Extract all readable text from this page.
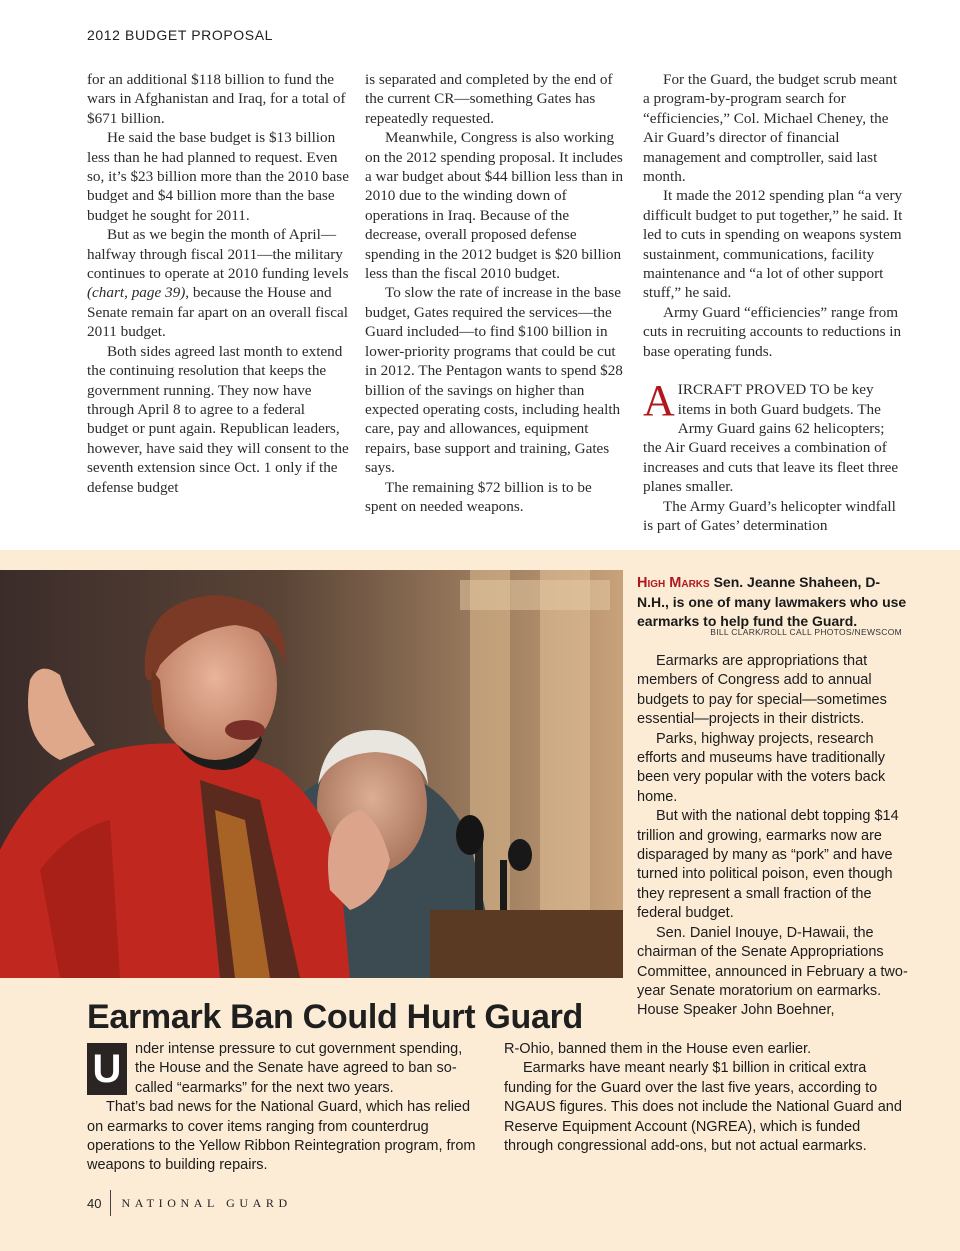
2012 BUDGET PROPOSAL

for an additional $118 billion to fund the wars in Afghanistan and Iraq, for a total of $671 billion.

He said the base budget is $13 billion less than he had planned to request. Even so, it’s $23 billion more than the 2010 base budget and $4 billion more than the base budget he sought for 2011.

But as we begin the month of April—halfway through fiscal 2011—the military continues to operate at 2010 funding levels (chart, page 39), because the House and Senate remain far apart on an overall fiscal 2011 budget.

Both sides agreed last month to extend the continuing resolution that keeps the government running. They now have through April 8 to agree to a federal budget or punt again. Republican leaders, however, have said they will consent to the seventh extension since Oct. 1 only if the defense budget

is separated and completed by the end of the current CR—something Gates has repeatedly requested.

Meanwhile, Congress is also working on the 2012 spending proposal. It includes a war budget about $44 billion less than in 2010 due to the winding down of operations in Iraq. Because of the decrease, overall proposed defense spending in the 2012 budget is $20 billion less than the fiscal 2010 budget.

To slow the rate of increase in the base budget, Gates required the services—the Guard included—to find $100 billion in lower-priority programs that could be cut in 2012. The Pentagon wants to spend $28 billion of the savings on higher than expected operating costs, including health care, pay and allowances, equipment repairs, base support and training, Gates says.

The remaining $72 billion is to be spent on needed weapons.

For the Guard, the budget scrub meant a program-by-program search for “efficiencies,” Col. Michael Cheney, the Air Guard’s director of financial management and comptroller, said last month.

It made the 2012 spending plan “a very difficult budget to put together,” he said. It led to cuts in spending on weapons system sustainment, communications, facility maintenance and “a lot of other support stuff,” he said.

Army Guard “efficiencies” range from cuts in recruiting accounts to reductions in base operating funds.

AIRCRAFT PROVED TO be key items in both Guard budgets. The Army Guard gains 62 helicopters; the Air Guard receives a combination of increases and cuts that leave its fleet three planes smaller.

The Army Guard’s helicopter windfall is part of Gates’ determination

High Marks Sen. Jeanne Shaheen, D-N.H., is one of many lawmakers who use earmarks to help fund the Guard.
BILL CLARK/ROLL CALL PHOTOS/NEWSCOM

Earmarks are appropriations that members of Congress add to annual budgets to pay for special—sometimes essential—projects in their districts.

Parks, highway projects, research efforts and museums have traditionally been very popular with the voters back home.

But with the national debt topping $14 trillion and growing, earmarks now are disparaged by many as “pork” and have turned into political poison, even though they represent a small fraction of the federal budget.

Sen. Daniel Inouye, D-Hawaii, the chairman of the Senate Appropriations Committee, announced in February a two-year Senate moratorium on earmarks. House Speaker John Boehner,

Earmark Ban Could Hurt Guard

U nder intense pressure to cut government spending, the House and the Senate have agreed to ban so-called “earmarks” for the next two years.

That’s bad news for the National Guard, which has relied on earmarks to cover items ranging from counterdrug operations to the Yellow Ribbon Reintegration program, from weapons to building repairs.

R-Ohio, banned them in the House even earlier.

Earmarks have meant nearly $1 billion in critical extra funding for the Guard over the last five years, according to NGAUS figures. This does not include the National Guard and Reserve Equipment Account (NGREA), which is funded through congressional add-ons, but not actual earmarks.

40	NATIONAL GUARD
